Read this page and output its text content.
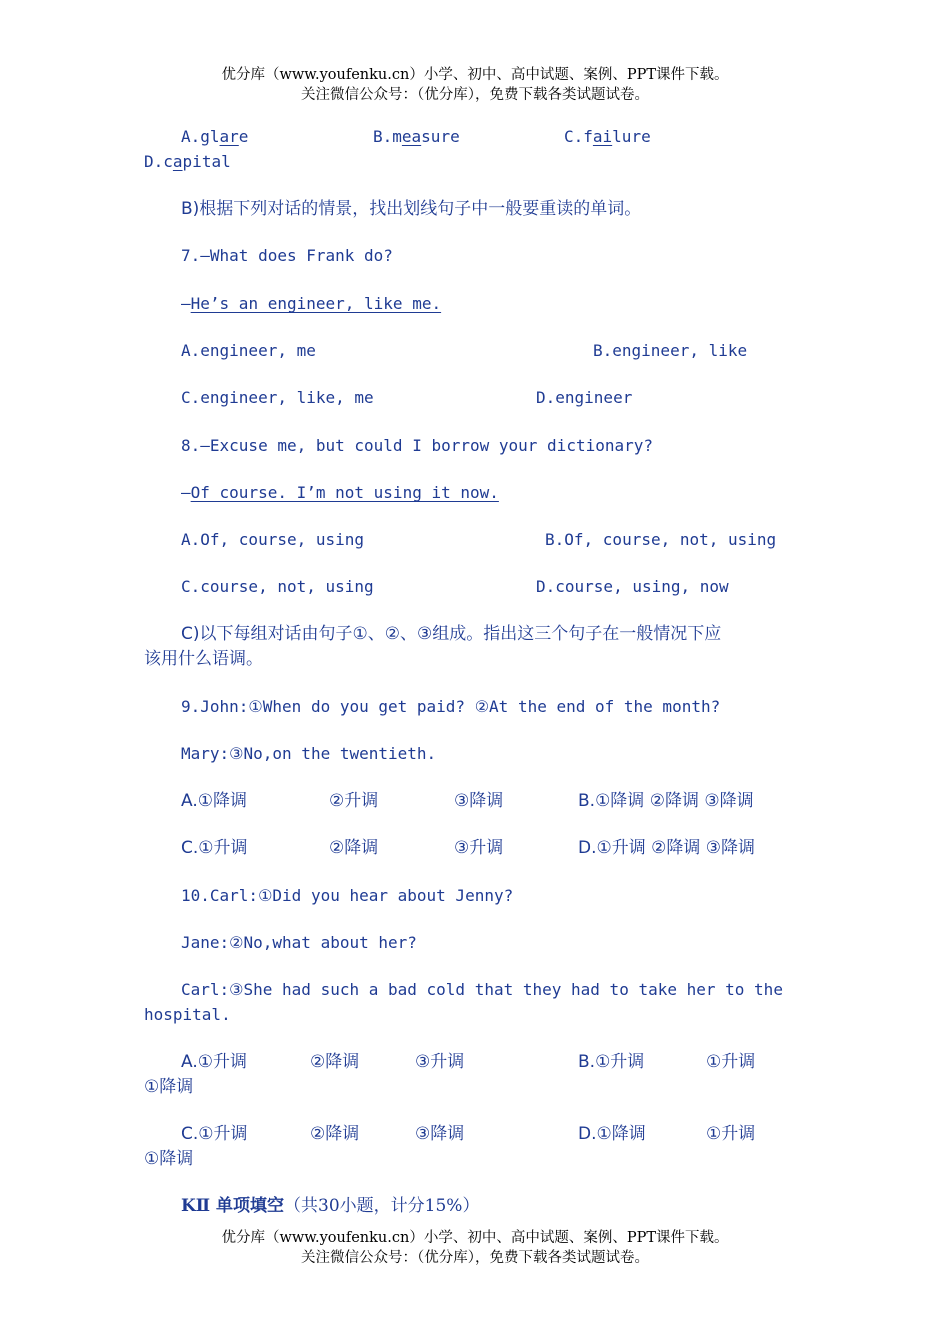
优分库（www.youfenku.cn）小学、初中、高中试题、案例、PPT课件下载。
关注微信公众号：（优分库），免费下载各类试题试卷。
A.glare	B.measure	C.failure
D.capital
B)根据下列对话的情景，找出划线句子中一般要重读的单词。
7.—What does Frank do?
—He’s an engineer, like me.
A.engineer, me	B.engineer, like
C.engineer, like, me	D.engineer
8.—Excuse me, but could I borrow your dictionary?
—Of course. I’m not using it now.
A.Of, course, using	B.Of, course, not, using
C.course, not, using	D.course, using, now
C)以下每组对话由句子①、②、③组成。指出这三个句子在一般情况下应
该用什么语调。
9.John:①When do you get paid? ②At the end of the month?
Mary:③No,on the twentieth.
A.①降调	②升调	③降调	B.①降调 ②降调 ③降调
C.①升调	②降调	③升调	D.①升调 ②降调 ③降调
10.Carl:①Did you hear about Jenny?
Jane:②No,what about her?
Carl:③She had such a bad cold that they had to take her to the
hospital.
A.①升调	②降调	③升调	B.①升调	①升调
①降调
C.①升调	②降调	③降调	D.①降调	①升调
①降调
KⅡ 单项填空（共30小题，计分15%）
优分库（www.youfenku.cn）小学、初中、高中试题、案例、PPT课件下载。
关注微信公众号：（优分库），免费下载各类试题试卷。
